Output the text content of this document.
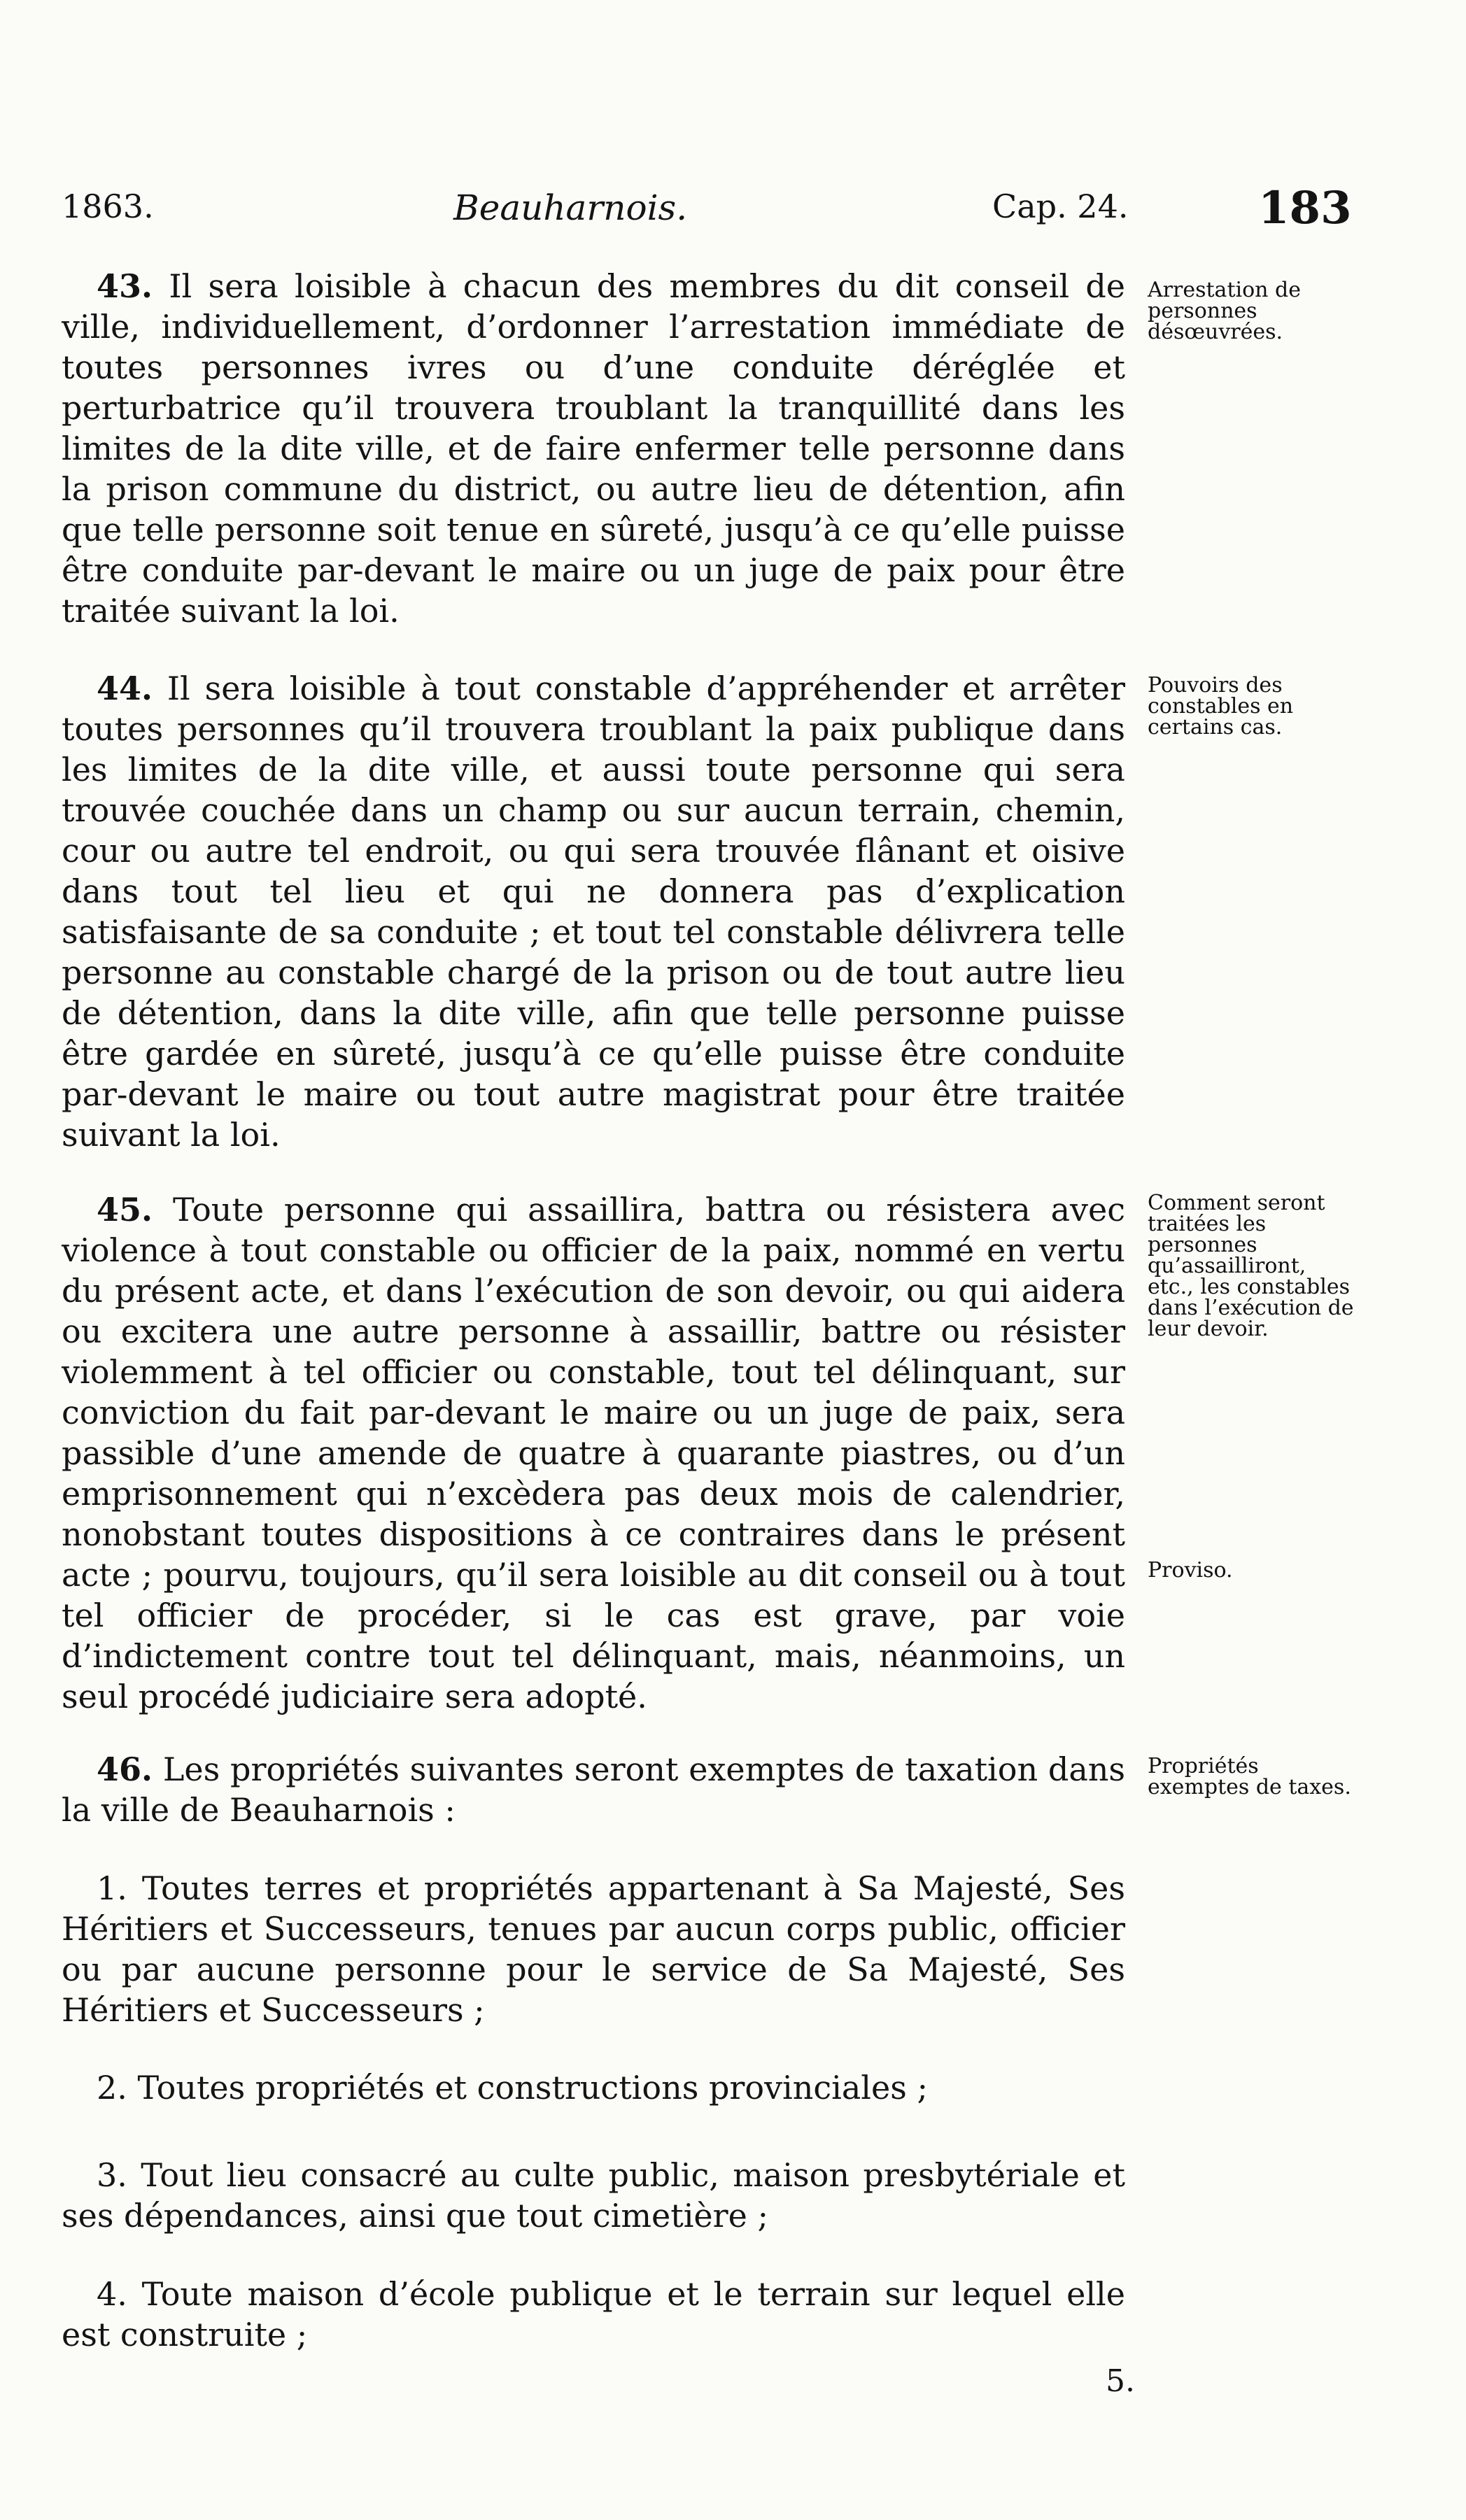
1863.	Beauharnois.	Cap. 24.	183

43. Il sera loisible à chacun des membres du dit conseil de ville, individuellement, d’ordonner l’arrestation immédiate de toutes personnes ivres ou d’une conduite déréglée et perturbatrice qu’il trouvera troublant la tranquillité dans les limites de la dite ville, et de faire enfermer telle personne dans la prison commune du district, ou autre lieu de détention, afin que telle personne soit tenue en sûreté, jusqu’à ce qu’elle puisse être conduite par-devant le maire ou un juge de paix pour être traitée suivant la loi.

Arrestation de personnes désœuvrées.

44. Il sera loisible à tout constable d’appréhender et arrêter toutes personnes qu’il trouvera troublant la paix publique dans les limites de la dite ville, et aussi toute personne qui sera trouvée couchée dans un champ ou sur aucun terrain, chemin, cour ou autre tel endroit, ou qui sera trouvée flânant et oisive dans tout tel lieu et qui ne donnera pas d’explication satisfaisante de sa conduite ; et tout tel constable délivrera telle personne au constable chargé de la prison ou de tout autre lieu de détention, dans la dite ville, afin que telle personne puisse être gardée en sûreté, jusqu’à ce qu’elle puisse être conduite par-devant le maire ou tout autre magistrat pour être traitée suivant la loi.

Pouvoirs des constables en certains cas.

45. Toute personne qui assaillira, battra ou résistera avec violence à tout constable ou officier de la paix, nommé en vertu du présent acte, et dans l’exécution de son devoir, ou qui aidera ou excitera une autre personne à assaillir, battre ou résister violemment à tel officier ou constable, tout tel délinquant, sur conviction du fait par-devant le maire ou un juge de paix, sera passible d’une amende de quatre à quarante piastres, ou d’un emprisonnement qui n’excèdera pas deux mois de calendrier, nonobstant toutes dispositions à ce contraires dans le présent acte ; pourvu, toujours, qu’il sera loisible au dit conseil ou à tout tel officier de procéder, si le cas est grave, par voie d’indictement contre tout tel délinquant, mais, néanmoins, un seul procédé judiciaire sera adopté.

Comment seront traitées les personnes qu’assailliront, etc., les constables dans l’exécution de leur devoir.
Proviso.

46. Les propriétés suivantes seront exemptes de taxation dans la ville de Beauharnois :

Propriétés exemptes de taxes.

1. Toutes terres et propriétés appartenant à Sa Majesté, Ses Héritiers et Successeurs, tenues par aucun corps public, officier ou par aucune personne pour le service de Sa Majesté, Ses Héritiers et Successeurs ;

2. Toutes propriétés et constructions provinciales ;

3. Tout lieu consacré au culte public, maison presbytériale et ses dépendances, ainsi que tout cimetière ;

4. Toute maison d’école publique et le terrain sur lequel elle est construite ;

5.
